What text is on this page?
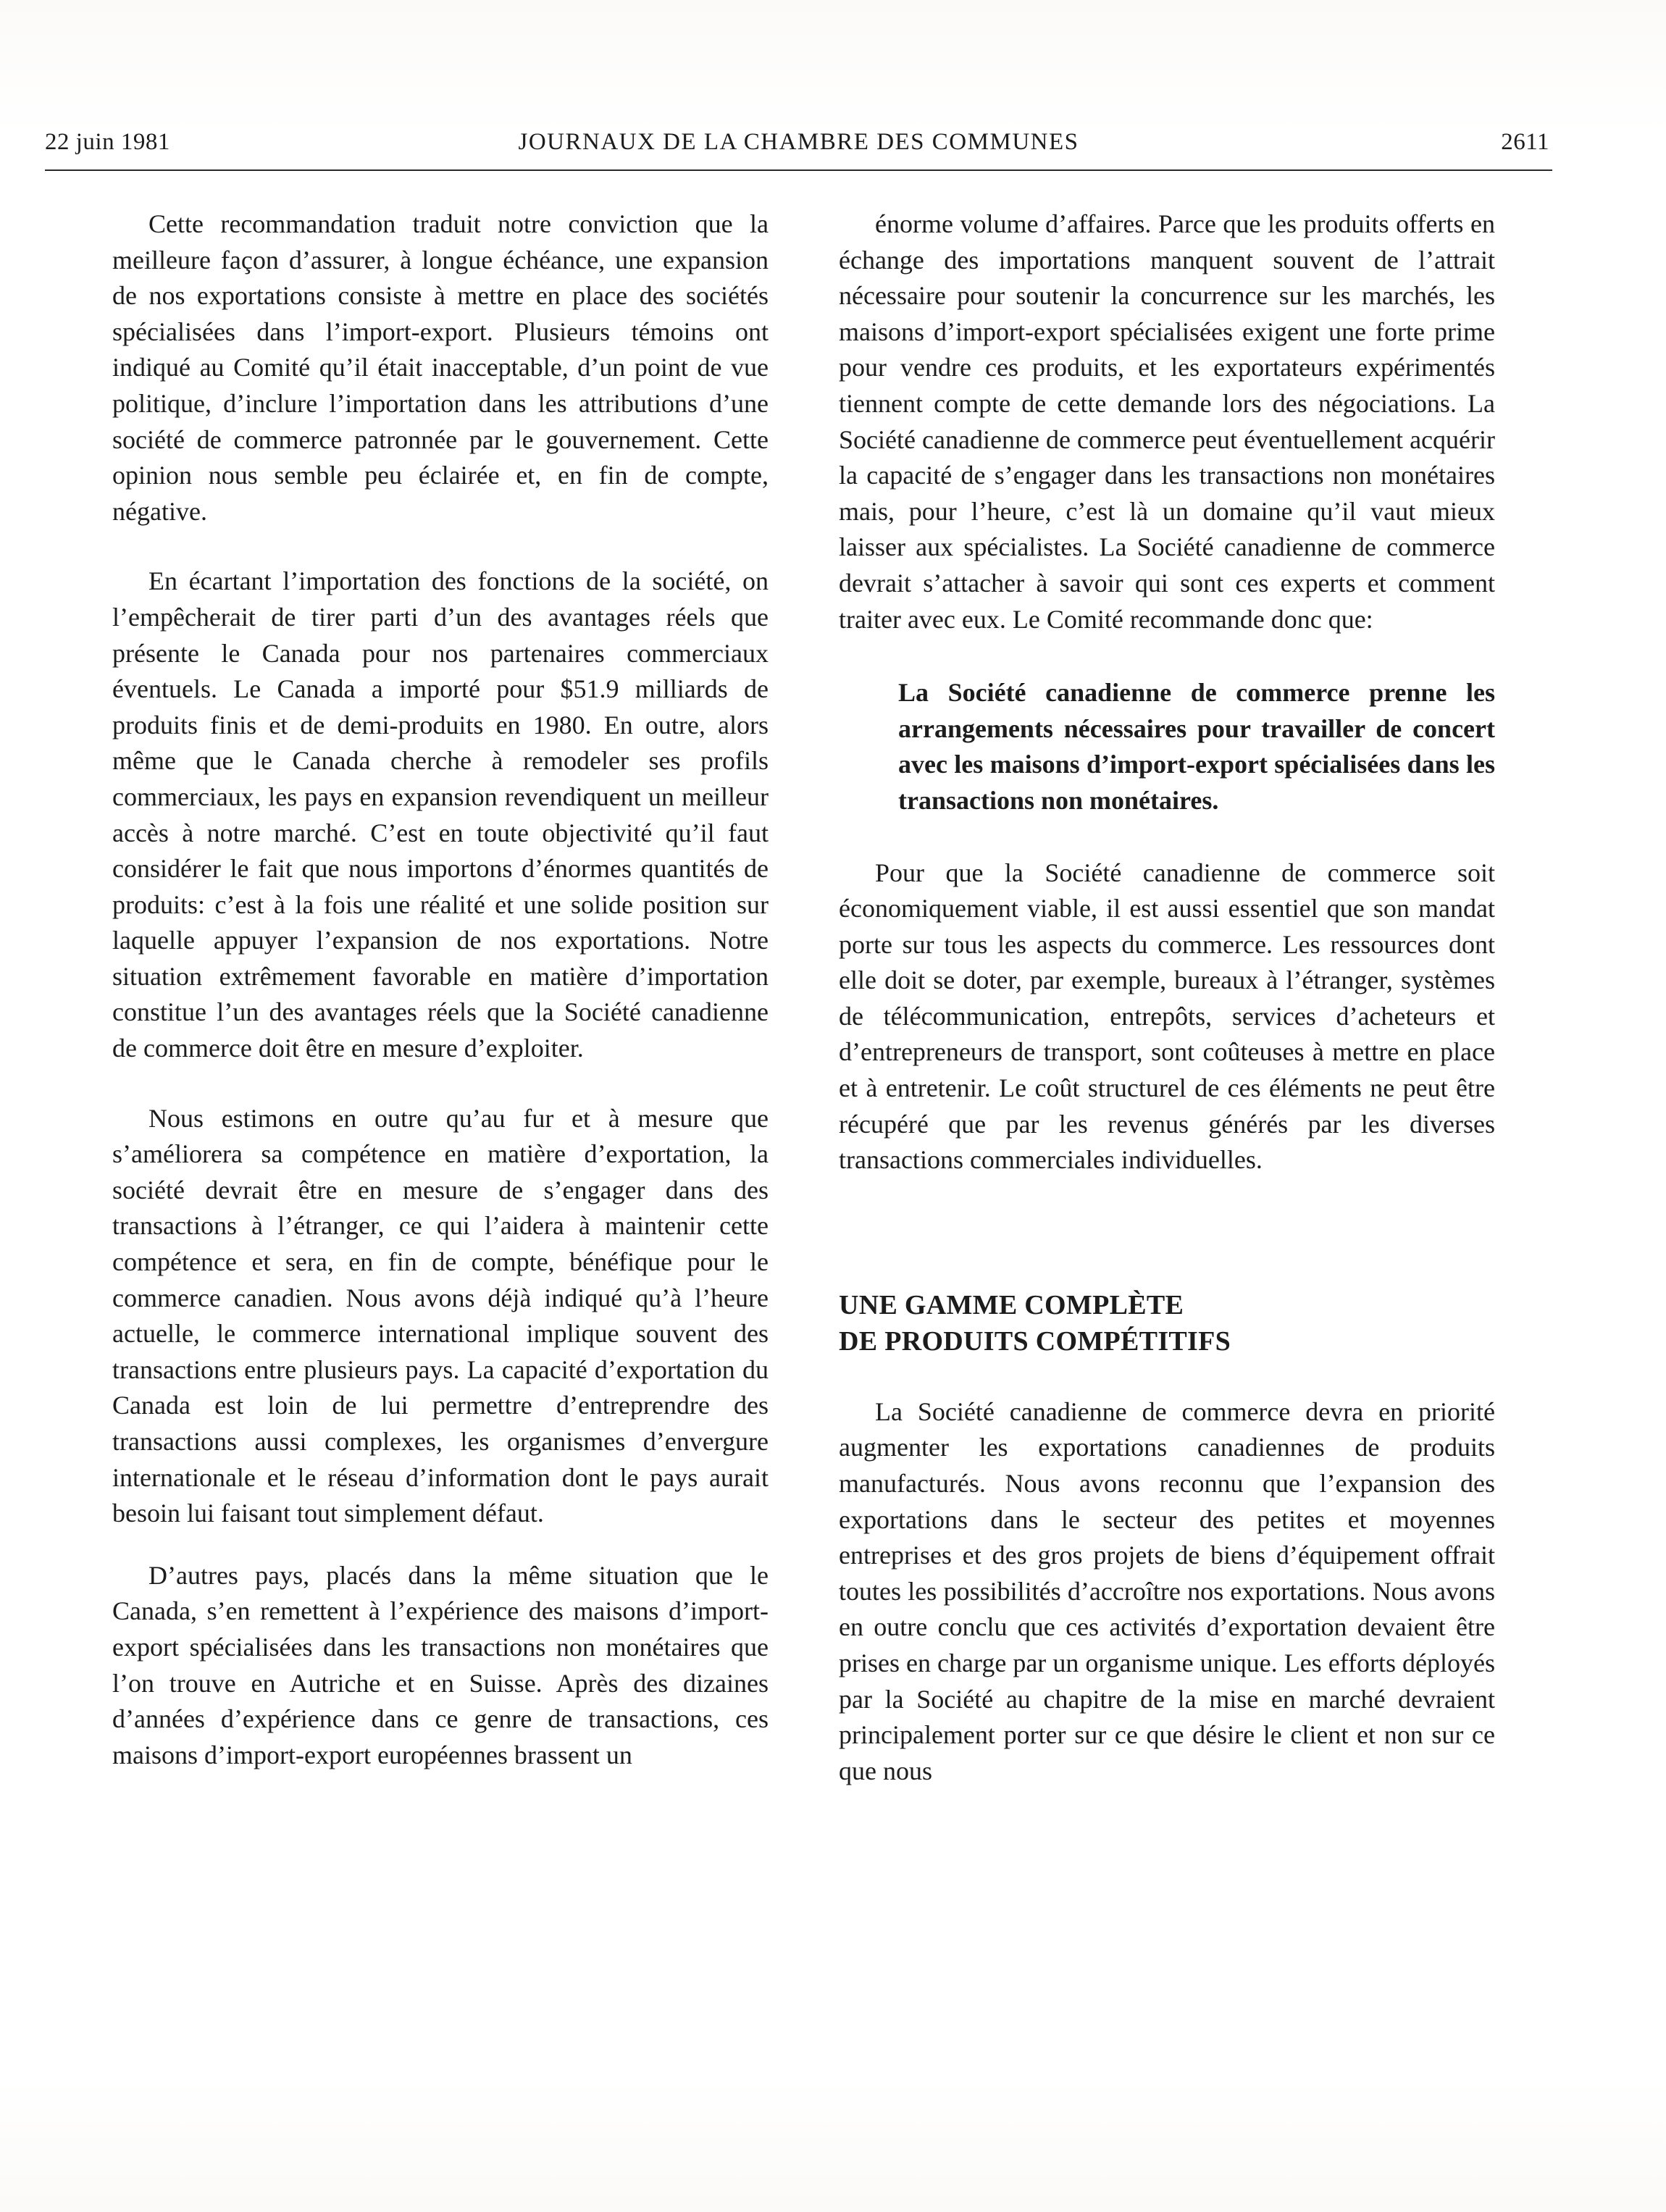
22 juin 1981	JOURNAUX DE LA CHAMBRE DES COMMUNES	2611

Cette recommandation traduit notre conviction que la meilleure façon d’assurer, à longue échéance, une expansion de nos exportations consiste à mettre en place des sociétés spécialisées dans l’import-export. Plusieurs témoins ont indiqué au Comité qu’il était inacceptable, d’un point de vue politique, d’inclure l’importation dans les attributions d’une société de commerce patronnée par le gouvernement. Cette opinion nous semble peu éclairée et, en fin de compte, négative.

En écartant l’importation des fonctions de la société, on l’empêcherait de tirer parti d’un des avantages réels que présente le Canada pour nos partenaires commerciaux éventuels. Le Canada a importé pour $51.9 milliards de produits finis et de demi-produits en 1980. En outre, alors même que le Canada cherche à remodeler ses profils commerciaux, les pays en expansion revendiquent un meilleur accès à notre marché. C’est en toute objectivité qu’il faut considérer le fait que nous importons d’énormes quantités de produits: c’est à la fois une réalité et une solide position sur laquelle appuyer l’expansion de nos exportations. Notre situation extrêmement favorable en matière d’importation constitue l’un des avantages réels que la Société canadienne de commerce doit être en mesure d’exploiter.

Nous estimons en outre qu’au fur et à mesure que s’améliorera sa compétence en matière d’exportation, la société devrait être en mesure de s’engager dans des transactions à l’étranger, ce qui l’aidera à maintenir cette compétence et sera, en fin de compte, bénéfique pour le commerce canadien. Nous avons déjà indiqué qu’à l’heure actuelle, le commerce international implique souvent des transactions entre plusieurs pays. La capacité d’exportation du Canada est loin de lui permettre d’entreprendre des transactions aussi complexes, les organismes d’envergure internationale et le réseau d’information dont le pays aurait besoin lui faisant tout simplement défaut.

D’autres pays, placés dans la même situation que le Canada, s’en remettent à l’expérience des maisons d’import-export spécialisées dans les transactions non monétaires que l’on trouve en Autriche et en Suisse. Après des dizaines d’années d’expérience dans ce genre de transactions, ces maisons d’import-export européennes brassent un

énorme volume d’affaires. Parce que les produits offerts en échange des importations manquent souvent de l’attrait nécessaire pour soutenir la concurrence sur les marchés, les maisons d’import-export spécialisées exigent une forte prime pour vendre ces produits, et les exportateurs expérimentés tiennent compte de cette demande lors des négociations. La Société canadienne de commerce peut éventuellement acquérir la capacité de s’engager dans les transactions non monétaires mais, pour l’heure, c’est là un domaine qu’il vaut mieux laisser aux spécialistes. La Société canadienne de commerce devrait s’attacher à savoir qui sont ces experts et comment traiter avec eux. Le Comité recommande donc que:

La Société canadienne de commerce prenne les arrangements nécessaires pour travailler de concert avec les maisons d’import-export spécialisées dans les transactions non monétaires.

Pour que la Société canadienne de commerce soit économiquement viable, il est aussi essentiel que son mandat porte sur tous les aspects du commerce. Les ressources dont elle doit se doter, par exemple, bureaux à l’étranger, systèmes de télécommunication, entrepôts, services d’acheteurs et d’entrepreneurs de transport, sont coûteuses à mettre en place et à entretenir. Le coût structurel de ces éléments ne peut être récupéré que par les revenus générés par les diverses transactions commerciales individuelles.

UNE GAMME COMPLÈTE
DE PRODUITS COMPÉTITIFS

La Société canadienne de commerce devra en priorité augmenter les exportations canadiennes de produits manufacturés. Nous avons reconnu que l’expansion des exportations dans le secteur des petites et moyennes entreprises et des gros projets de biens d’équipement offrait toutes les possibilités d’accroître nos exportations. Nous avons en outre conclu que ces activités d’exportation devaient être prises en charge par un organisme unique. Les efforts déployés par la Société au chapitre de la mise en marché devraient principalement porter sur ce que désire le client et non sur ce que nous
